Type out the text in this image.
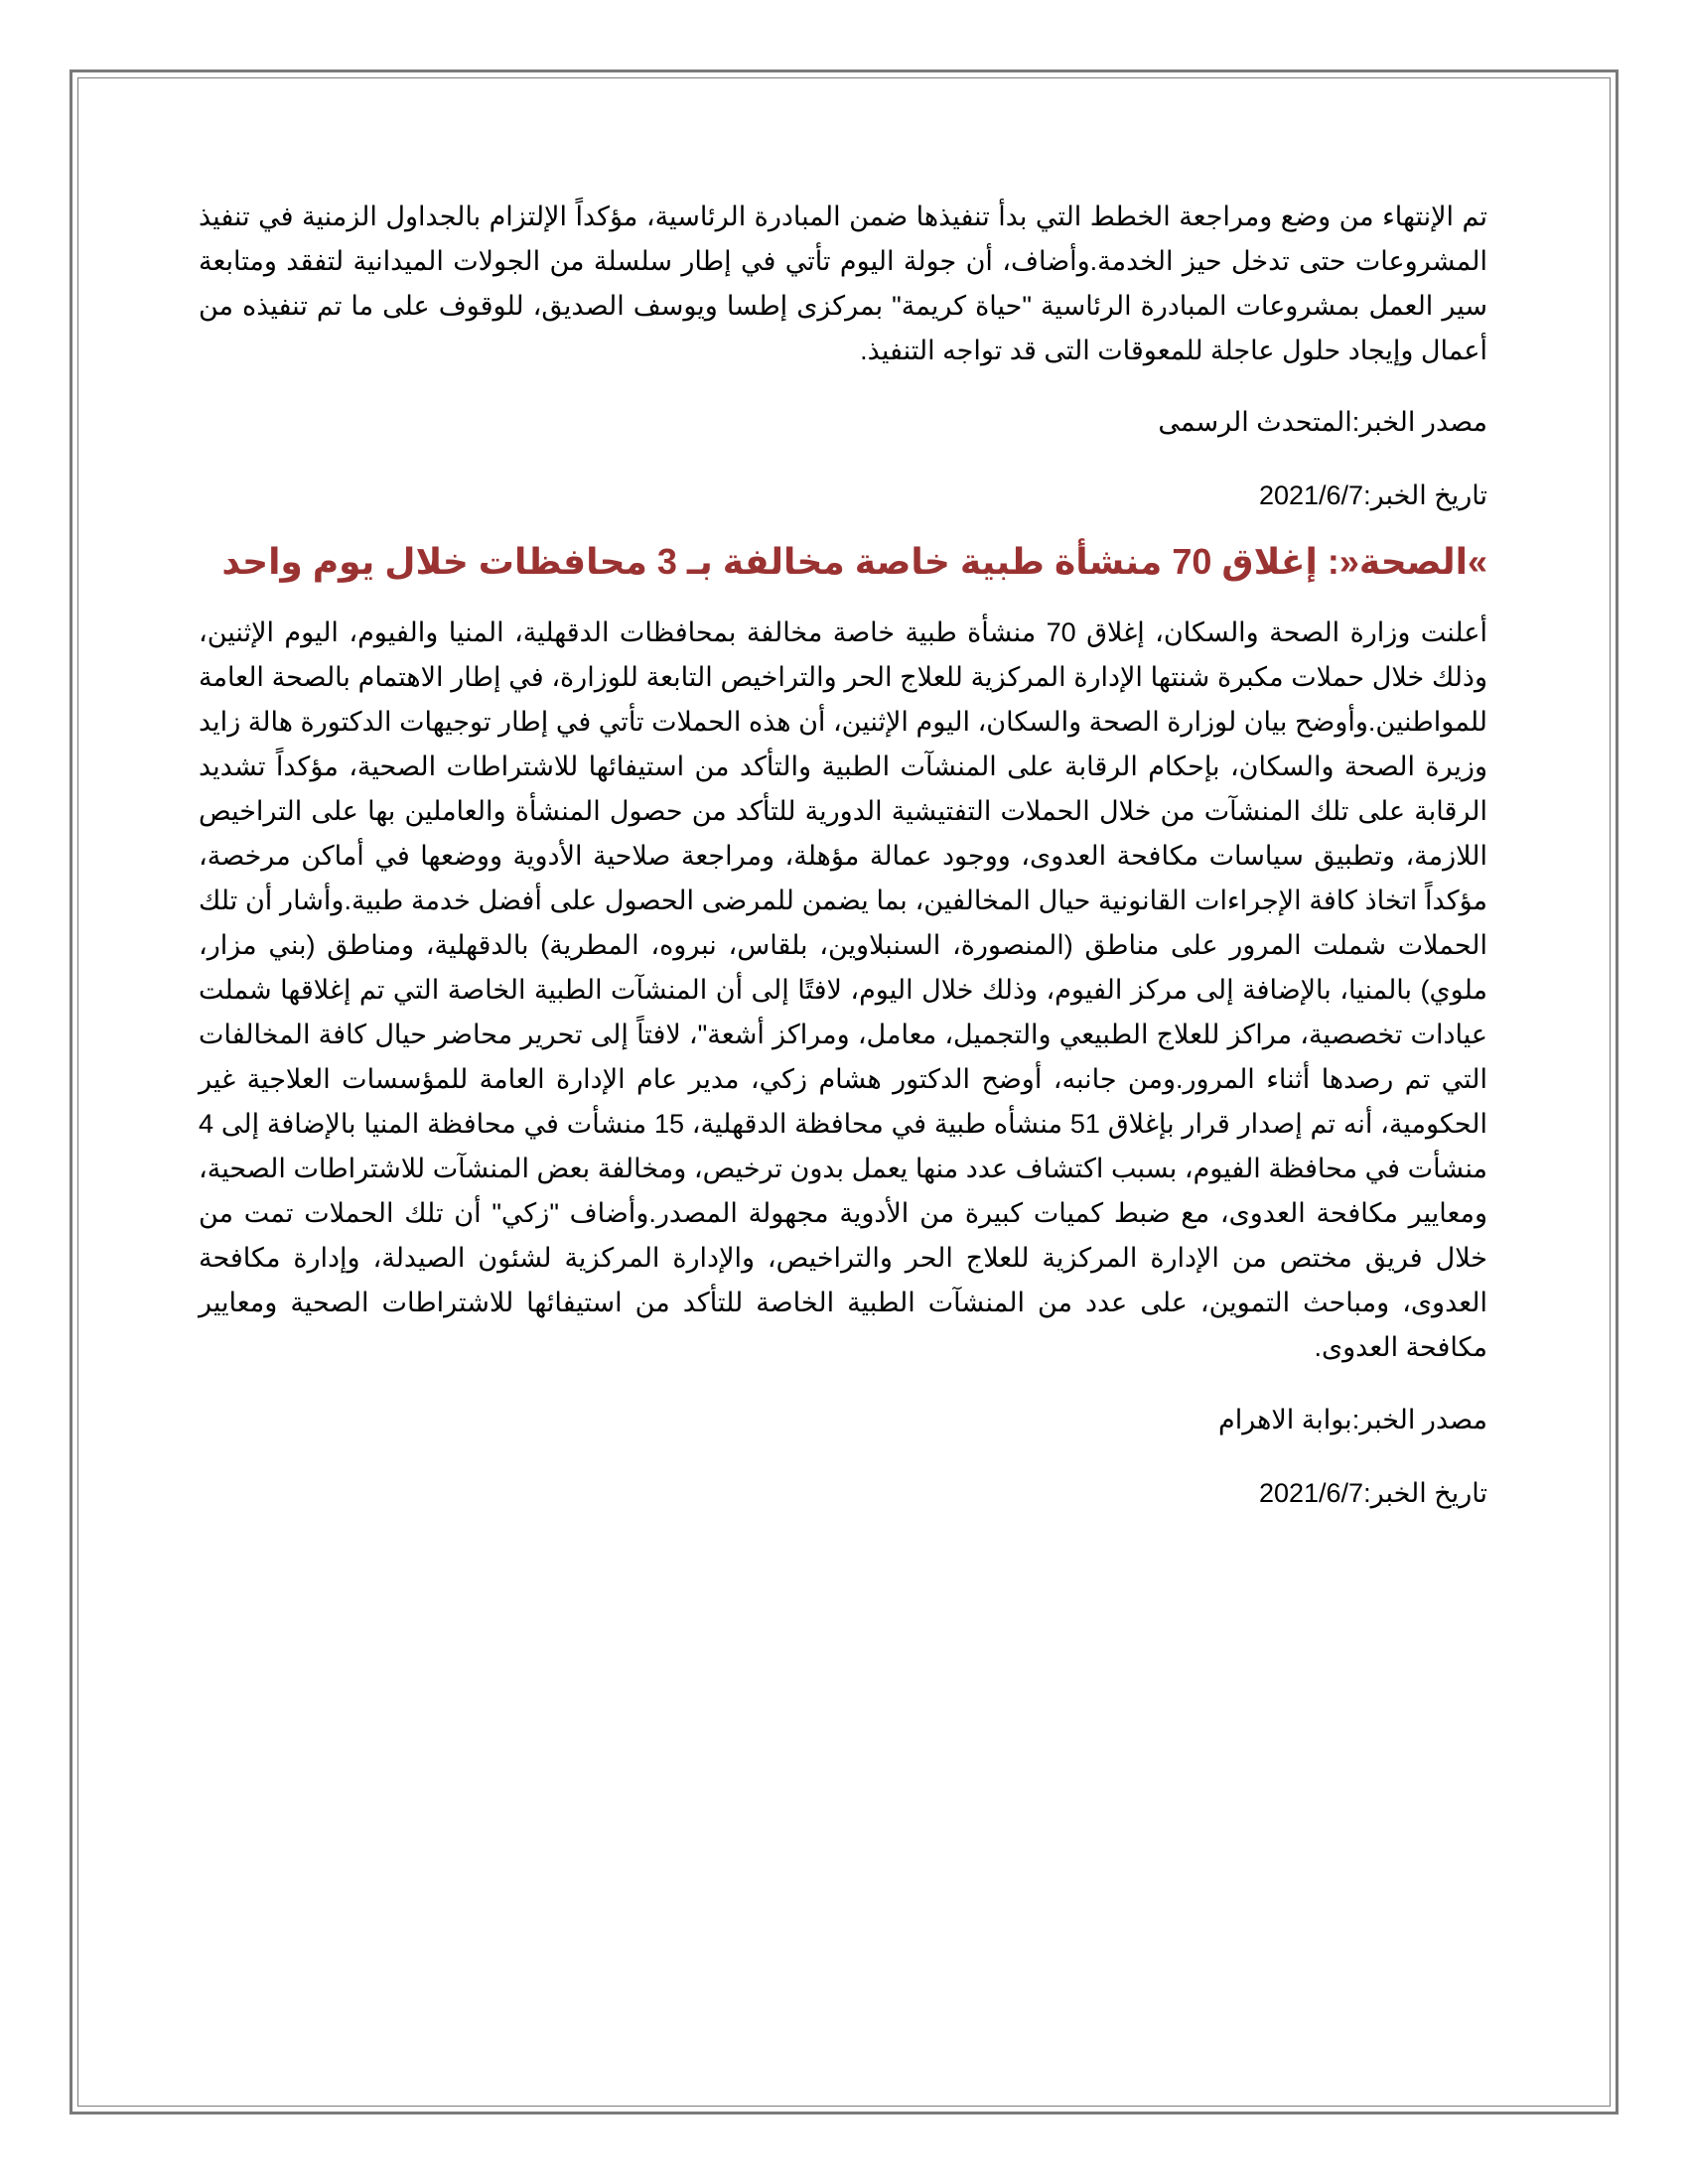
تم الإنتهاء من وضع ومراجعة الخطط التي بدأ تنفيذها ضمن المبادرة الرئاسية، مؤكداً الإلتزام بالجداول الزمنية في تنفيذ المشروعات حتى تدخل حيز الخدمة.وأضاف، أن جولة اليوم تأتي في إطار سلسلة من الجولات الميدانية لتفقد ومتابعة سير العمل بمشروعات المبادرة الرئاسية "حياة كريمة" بمركزى إطسا ويوسف الصديق، للوقوف على ما تم تنفيذه من أعمال وإيجاد حلول عاجلة للمعوقات التى قد تواجه التنفيذ.

مصدر الخبر:المتحدث الرسمى

تاريخ الخبر:2021/6/7

»الصحة«: إغلاق 70 منشأة طبية خاصة مخالفة بـ 3 محافظات خلال يوم واحد

أعلنت وزارة الصحة والسكان، إغلاق 70 منشأة طبية خاصة مخالفة بمحافظات الدقهلية، المنيا والفيوم، اليوم الإثنين، وذلك خلال حملات مكبرة شنتها الإدارة المركزية للعلاج الحر والتراخيص التابعة للوزارة، في إطار الاهتمام بالصحة العامة للمواطنين.وأوضح بيان لوزارة الصحة والسكان، اليوم الإثنين، أن هذه الحملات تأتي في إطار توجيهات الدكتورة هالة زايد وزيرة الصحة والسكان، بإحكام الرقابة على المنشآت الطبية والتأكد من استيفائها للاشتراطات الصحية، مؤكداً تشديد الرقابة على تلك المنشآت من خلال الحملات التفتيشية الدورية للتأكد من حصول المنشأة والعاملين بها على التراخيص اللازمة، وتطبيق سياسات مكافحة العدوى، ووجود عمالة مؤهلة، ومراجعة صلاحية الأدوية ووضعها في أماكن مرخصة، مؤكداً اتخاذ كافة الإجراءات القانونية حيال المخالفين، بما يضمن للمرضى الحصول على أفضل خدمة طبية.وأشار أن تلك الحملات شملت المرور على مناطق (المنصورة، السنبلاوين، بلقاس، نبروه، المطرية) بالدقهلية، ومناطق (بني مزار، ملوي) بالمنيا، بالإضافة إلى مركز الفيوم، وذلك خلال اليوم، لافتًا إلى أن المنشآت الطبية الخاصة التي تم إغلاقها شملت عيادات تخصصية، مراكز للعلاج الطبيعي والتجميل، معامل، ومراكز أشعة"، لافتاً إلى تحرير محاضر حيال كافة المخالفات التي تم رصدها أثناء المرور.ومن جانبه، أوضح الدكتور هشام زكي، مدير عام الإدارة العامة للمؤسسات العلاجية غير الحكومية، أنه تم إصدار قرار بإغلاق 51 منشأه طبية في محافظة الدقهلية، 15 منشأت في محافظة المنيا بالإضافة إلى 4 منشأت في محافظة الفيوم، بسبب اكتشاف عدد منها يعمل بدون ترخيص، ومخالفة بعض المنشآت للاشتراطات الصحية، ومعايير مكافحة العدوى، مع ضبط كميات كبيرة من الأدوية مجهولة المصدر.وأضاف "زكي" أن تلك الحملات تمت من خلال فريق مختص من الإدارة المركزية للعلاج الحر والتراخيص، والإدارة المركزية لشئون الصيدلة، وإدارة مكافحة العدوى، ومباحث التموين، على عدد من المنشآت الطبية الخاصة للتأكد من استيفائها للاشتراطات الصحية ومعايير مكافحة العدوى.

مصدر الخبر:بوابة الاهرام

تاريخ الخبر:2021/6/7
